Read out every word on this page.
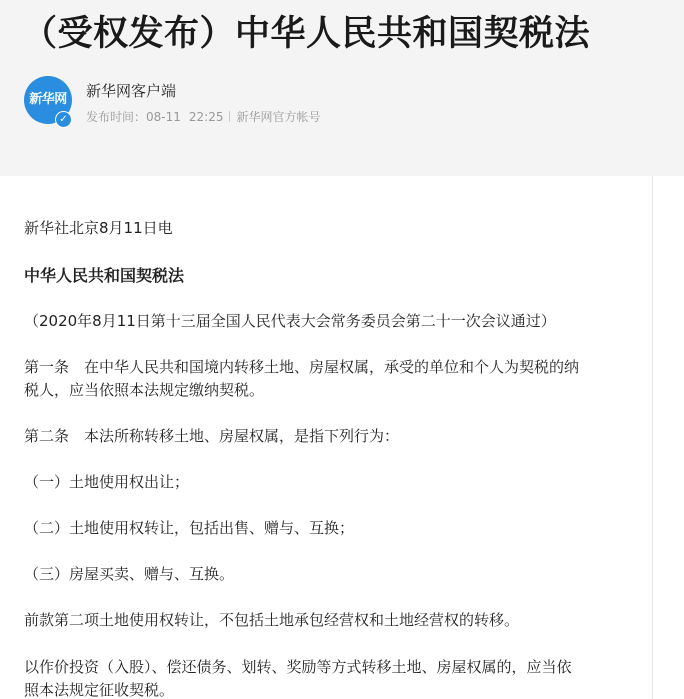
（受权发布）中华人民共和国契税法
新华网
✓
新华网客户端
发布时间：08-11 22:25 新华网官方帐号

新华社北京8月11日电

中华人民共和国契税法

（2020年8月11日第十三届全国人民代表大会常务委员会第二十一次会议通过）

第一条　在中华人民共和国境内转移土地、房屋权属，承受的单位和个人为契税的纳

税人，应当依照本法规定缴纳契税。

第二条　本法所称转移土地、房屋权属，是指下列行为：

（一）土地使用权出让；

（二）土地使用权转让，包括出售、赠与、互换；

（三）房屋买卖、赠与、互换。

前款第二项土地使用权转让，不包括土地承包经营权和土地经营权的转移。

以作价投资（入股）、偿还债务、划转、奖励等方式转移土地、房屋权属的，应当依

照本法规定征收契税。
